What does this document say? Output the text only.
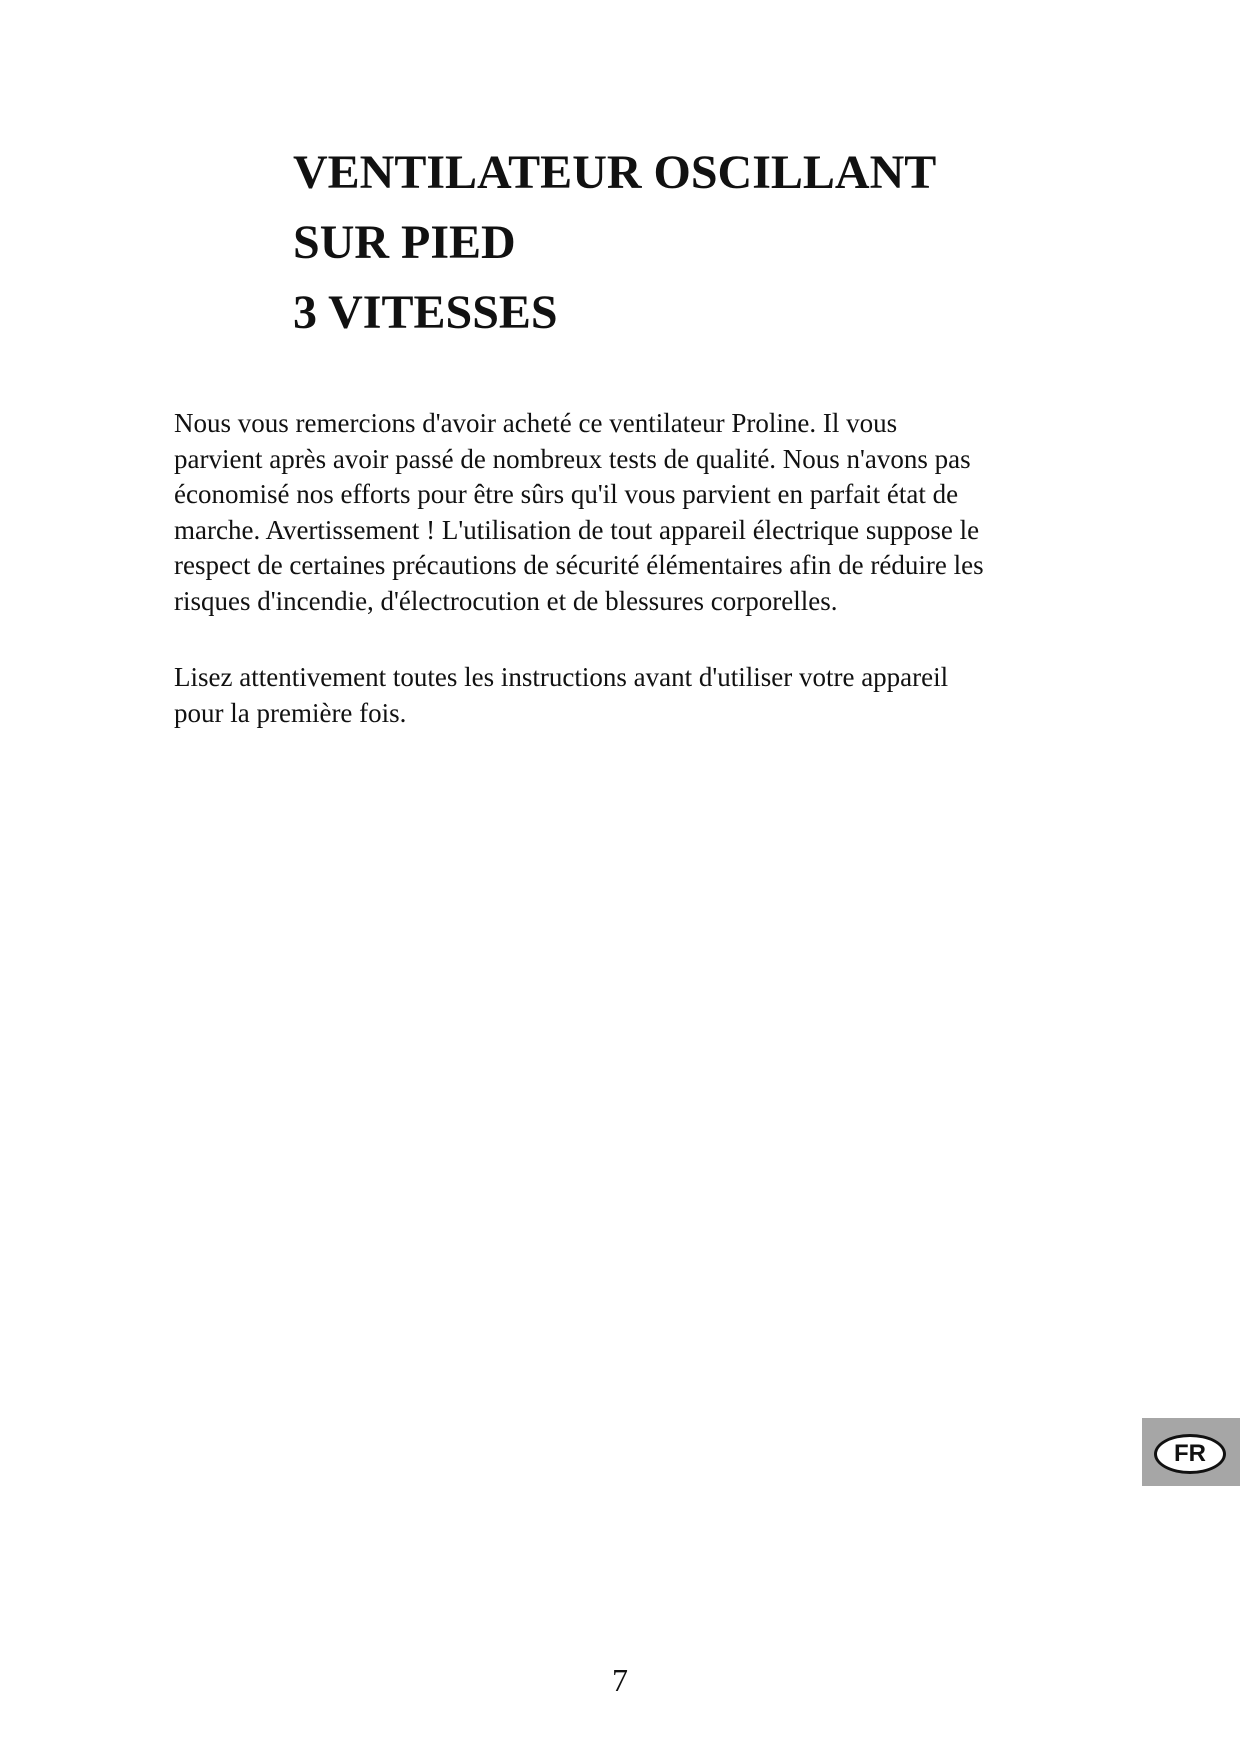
VENTILATEUR OSCILLANT
SUR PIED
3 VITESSES
Nous vous remercions d'avoir acheté ce ventilateur Proline. Il vous
parvient après avoir passé de nombreux tests de qualité. Nous n'avons pas
économisé nos efforts pour être sûrs qu'il vous parvient en parfait état de
marche. Avertissement ! L'utilisation de tout appareil électrique suppose le
respect de certaines précautions de sécurité élémentaires afin de réduire les
risques d'incendie, d'électrocution et de blessures corporelles.
Lisez attentivement toutes les instructions avant d'utiliser votre appareil
pour la première fois.
FR
7
